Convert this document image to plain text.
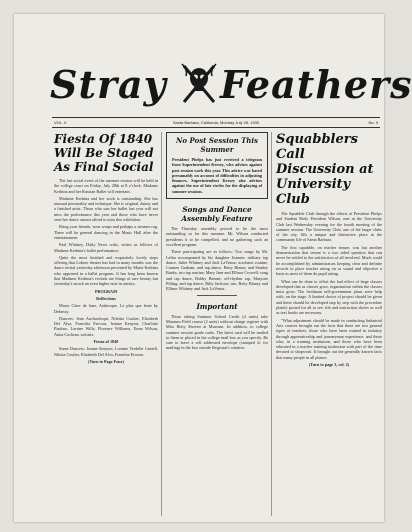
Stray Feathers
VOL. II	Santa Barbara, California, Monday July 28, 1930	No. 9
Fiesta Of 1840 Will Be Staged As Final Social

The last social event of the summer session will be held in the college court on Friday, July 28th at 8 o'clock. Madame Kedrina and her Russian Ballet will entertain.

Madame Kedrina and her work is outstanding. She has unusual personality and technique. She is original, dainty and a finished artist. Those who saw her ballet last year will not miss the performance this year and those who have never seen her dance cannot afford to miss this exhibition.

Bring your friends, wear wraps and perhaps a steamer rug. There will be general dancing in the Music Hall after the entertainment.

Paul Whitney, Daily News critic, writes as follows of Madame Kedrina's ballet performance:

Quite the most finished and exquisitely lovely steps offering that Lobero theater has had in many months was the dance recital yesterday afternoon presented by Maria Kedrina who appeared in a ballet program. It has long been known that Madame Kedrina's recitals are things of rare beauty but yesterday's struck an even higher note in artistry.

PROGRAM

Reflections

Music Clare de lune, Arabesque. Le plus que lente by Debussy.

Dancers: Jean Anchordoqui, Nilettia Coulter, Elizabeth Del Alva, Franchia Ericson, Jeanne Kenyon, Charlotte Piadose, Lorrine Wills, Florence Williams, Erma Wilson, Anita Cochran, soloists.

Fiesta of 1840

Some Dancers: Jeanne Kenyon, Loraine Verdelle Cantell, Niletta Coulter, Elizabeth Del Alva, Franchia Ericson.

(Turn to Page Four)

No Post Session This Summer

President Phelps has just received a telegram from Superintendent Kersey, who advises against post session work this year. This advice was based presumably on account of difficulties in adjusting finances. Superintendent Kersey also advises against the use of fair circles for the displaying of summer sessions.

Songs and Dance Assembly Feature

The Thursday assembly proved to be the most outstanding so far this summer. Mr. Wilson conducted presidents it to be compelled, and no gathering such an excellent program.

These participating are as follows: Two songs by Mr. Leibu accompanied by his daughter Jeannie; military tap dance, Juliet Whitney and Jack LaVeaux; acrobatic routine, Carmen Graham; and tap dance, Betty Blaney and Stanley Banks; trio tap routine, Mary Jane and Ellinor Crowell; song and tap dance, Bobby Bennet; off-rhythm tap, Marjorie Pilling; and tap dance, Billy Jackson; trio, Betty Blaney and Ellinor Whitney and Jack LaVeaux.

Important

Those taking Summer School Credit (4 units) take Museum Field course (2 units) without charge register with Miss Betty Shoven at Museum. In addition, to college summer session grade cards. The latest card will be mailed to them or placed in the college mail box as you specify. Be sure to leave a self addressed envelope (stamped 2c for mailing) in the box outside Registrar's window.

Squabblers Call Discussion at University Club

The Squabble Club through the efforts of President Phelps and Student Body President Wilson, met at the University Club last Wednesday evening for the fourth meeting of the summer session. The University Club, one of the larger clubs of the city, fills a unique and distinctive place in the community life of Santa Barbara.

The first squabble, on teacher tenure, was but another demonstration that tenure is a two sided question that can never be settled to the satisfaction of all involved. Much could be accomplished by administrators keeping clear and definite records to place teacher rating on as sound and objective a basis as most of them do pupil rating.

What can be done to offset the bad effect of large classes developed that as classes grow, organization within the classes must grow. The freshman self-government plans were help with, on the stage. A limited choice of project should be given and these should be developed step by step with the procedure plainly posted for all to see. Job and instruction sheets as well as text books are necessary.

"What adjustment should be made in conducting Industrial Arts courses brought out the facts that there are two general types of teachers, those who have been trained in industry through apprenticeship and journeyman experience, and those who, in a training institution, and those who have been educated in a teacher training institution with part of the time devoted to shopwork. It brought out the generally known facts that many people in all phases

(Turn to page 3, col. 2)
